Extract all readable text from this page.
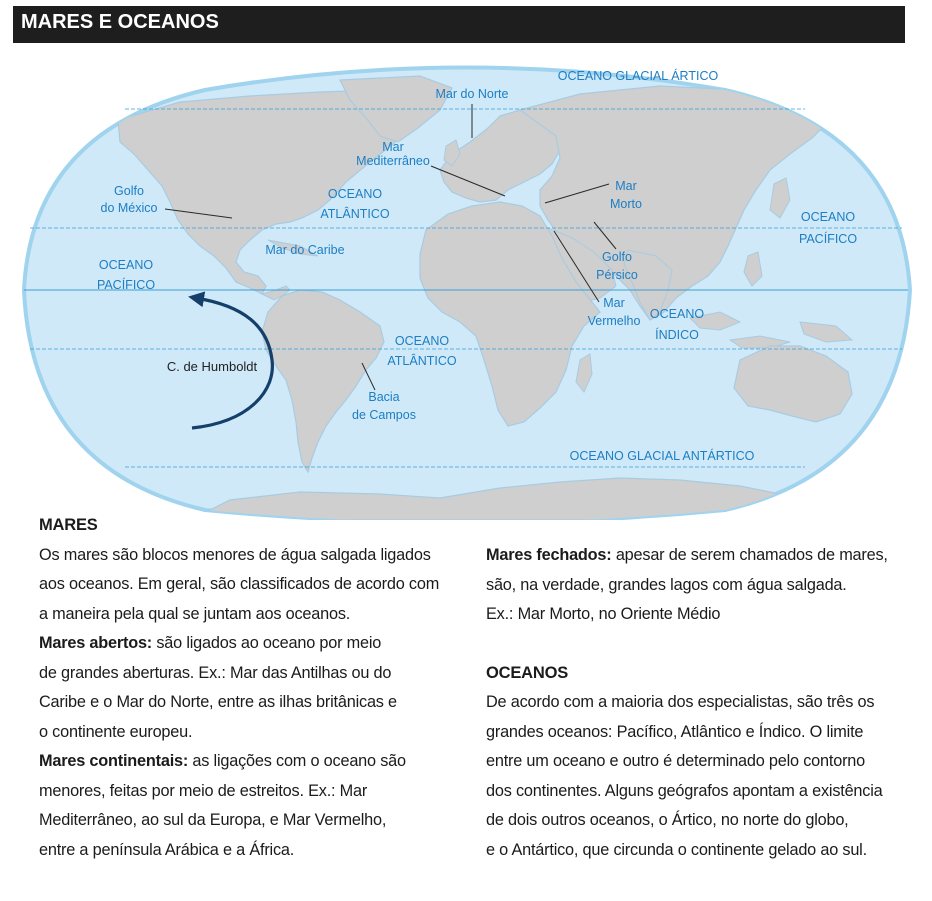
MARES E OCEANOS
OCEANO GLACIAL ÁRTICO
Mar do Norte
Mar
Mediterrâneo
Golfo
do México
OCEANO
ATLÂNTICO
Mar
Morto
OCEANO
PACÍFICO
Mar do Caribe	Golfo
Pérsico
OCEANO
PACÍFICO
Mar
Vermelho OCEANO
ÍNDICO
OCEANO
ATLÂNTICO
C. de Humboldt
Bacia
de Campos
OCEANO GLACIAL ANTÁRTICO
MARES
Os mares são blocos menores de água salgada ligados
aos oceanos. Em geral, são classificados de acordo com
a maneira pela qual se juntam aos oceanos.
Mares abertos: são ligados ao oceano por meio
de grandes aberturas. Ex.: Mar das Antilhas ou do
Caribe e o Mar do Norte, entre as ilhas britânicas e
o continente europeu.
Mares continentais: as ligações com o oceano são
menores, feitas por meio de estreitos. Ex.: Mar
Mediterrâneo, ao sul da Europa, e Mar Vermelho,
entre a península Arábica e a África.
Mares fechados: apesar de serem chamados de mares,
são, na verdade, grandes lagos com água salgada.
Ex.: Mar Morto, no Oriente Médio
OCEANOS
De acordo com a maioria dos especialistas, são três os
grandes oceanos: Pacífico, Atlântico e Índico. O limite
entre um oceano e outro é determinado pelo contorno
dos continentes. Alguns geógrafos apontam a existência
de dois outros oceanos, o Ártico, no norte do globo,
e o Antártico, que circunda o continente gelado ao sul.
